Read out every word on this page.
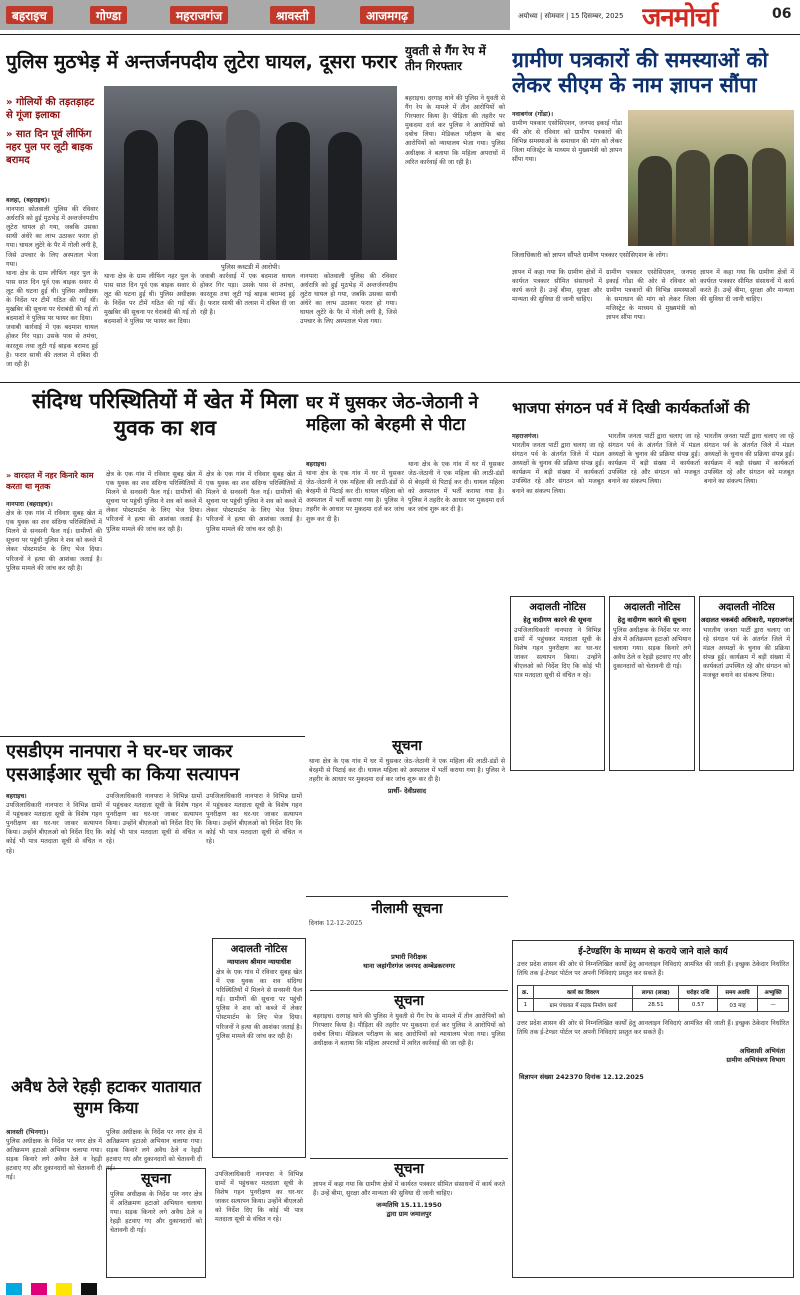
बहराइच	गोण्डा	महराजगंज	श्रावस्ती	आजमगढ़	अयोध्या | सोमवार | 15 दिसम्बर, 2025 जनमोर्चा	06
पुलिस मुठभेड़ में अन्तर्जनपदीय लुटेरा घायल, दूसरा फरार
» गोलियों की तड़तड़ाहट से गूंजा इलाका
» सात दिन पूर्व लीफिंग नहर पुल पर लूटी बाइक बरामद
पुलिस कस्टडी में आरोपी।

बलहा, (बहराइच)।

नानपारा कोतवाली पुलिस की रविवार अर्धरात्रि को हुई मुठभेड़ में अन्तर्जनपदीय लुटेरा घायल हो गया, जबकि उसका साथी अंधेरे का लाभ उठाकर फरार हो गया। घायल लुटेरे के पैर में गोली लगी है, जिसे उपचार के लिए अस्पताल भेजा गया।

थाना क्षेत्र के ग्राम लीफिंग नहर पुल के पास सात दिन पूर्व एक बाइक सवार से लूट की घटना हुई थी। पुलिस अधीक्षक के निर्देश पर टीमें गठित की गई थीं। मुखबिर की सूचना पर घेराबंदी की गई तो बदमाशों ने पुलिस पर फायर कर दिया।

जवाबी कार्रवाई में एक बदमाश घायल होकर गिर पड़ा। उसके पास से तमंचा, कारतूस तथा लूटी गई बाइक बरामद हुई है। फरार साथी की तलाश में दबिश दी जा रही है।

थाना क्षेत्र के ग्राम लीफिंग नहर पुल के पास सात दिन पूर्व एक बाइक सवार से लूट की घटना हुई थी। पुलिस अधीक्षक के निर्देश पर टीमें गठित की गई थीं। मुखबिर की सूचना पर घेराबंदी की गई तो बदमाशों ने पुलिस पर फायर कर दिया।

जवाबी कार्रवाई में एक बदमाश घायल होकर गिर पड़ा। उसके पास से तमंचा, कारतूस तथा लूटी गई बाइक बरामद हुई है। फरार साथी की तलाश में दबिश दी जा रही है।

नानपारा कोतवाली पुलिस की रविवार अर्धरात्रि को हुई मुठभेड़ में अन्तर्जनपदीय लुटेरा घायल हो गया, जबकि उसका साथी अंधेरे का लाभ उठाकर फरार हो गया। घायल लुटेरे के पैर में गोली लगी है, जिसे उपचार के लिए अस्पताल भेजा गया।

युवती से गैंग रेप में तीन गिरफ्तार

बहराइच। दरगाह थाने की पुलिस ने युवती से गैंग रेप के मामले में तीन आरोपियों को गिरफ्तार किया है। पीड़िता की तहरीर पर मुकदमा दर्ज कर पुलिस ने आरोपियों को दबोच लिया। मेडिकल परीक्षण के बाद आरोपियों को न्यायालय भेजा गया। पुलिस अधीक्षक ने बताया कि महिला अपराधों में त्वरित कार्रवाई की जा रही है।

ग्रामीण पत्रकारों की समस्याओं को लेकर सीएम के नाम ज्ञापन सौंपा

नवाबगंज (गोंडा)।

ग्रामीण पत्रकार एसोसिएशन, जनपद इकाई गोंडा की ओर से रविवार को ग्रामीण पत्रकारों की विभिन्न समस्याओं के समाधान की मांग को लेकर जिला मजिस्ट्रेट के माध्यम से मुख्यमंत्री को ज्ञापन सौंपा गया।

जिलाधिकारी को ज्ञापन सौंपते ग्रामीण पत्रकार एसोसिएशन के लोग।

ज्ञापन में कहा गया कि ग्रामीण क्षेत्रों में कार्यरत पत्रकार सीमित संसाधनों में कार्य करते हैं। उन्हें बीमा, सुरक्षा और मान्यता की सुविधा दी जानी चाहिए।

ग्रामीण पत्रकार एसोसिएशन, जनपद इकाई गोंडा की ओर से रविवार को ग्रामीण पत्रकारों की विभिन्न समस्याओं के समाधान की मांग को लेकर जिला मजिस्ट्रेट के माध्यम से मुख्यमंत्री को ज्ञापन सौंपा गया।

ज्ञापन में कहा गया कि ग्रामीण क्षेत्रों में कार्यरत पत्रकार सीमित संसाधनों में कार्य करते हैं। उन्हें बीमा, सुरक्षा और मान्यता की सुविधा दी जानी चाहिए।

संदिग्ध परिस्थितियों में खेत में मिला युवक का शव
» वारदात में नहर किनारे काम करता था मृतक

नानपारा (बहराइच)।

क्षेत्र के एक गांव में रविवार सुबह खेत में एक युवक का शव संदिग्ध परिस्थितियों में मिलने से सनसनी फैल गई। ग्रामीणों की सूचना पर पहुंची पुलिस ने शव को कब्जे में लेकर पोस्टमार्टम के लिए भेज दिया। परिजनों ने हत्या की आशंका जताई है। पुलिस मामले की जांच कर रही है।

क्षेत्र के एक गांव में रविवार सुबह खेत में एक युवक का शव संदिग्ध परिस्थितियों में मिलने से सनसनी फैल गई। ग्रामीणों की सूचना पर पहुंची पुलिस ने शव को कब्जे में लेकर पोस्टमार्टम के लिए भेज दिया। परिजनों ने हत्या की आशंका जताई है। पुलिस मामले की जांच कर रही है।

क्षेत्र के एक गांव में रविवार सुबह खेत में एक युवक का शव संदिग्ध परिस्थितियों में मिलने से सनसनी फैल गई। ग्रामीणों की सूचना पर पहुंची पुलिस ने शव को कब्जे में लेकर पोस्टमार्टम के लिए भेज दिया। परिजनों ने हत्या की आशंका जताई है। पुलिस मामले की जांच कर रही है।

घर में घुसकर जेठ-जेठानी ने महिला को बेरहमी से पीटा

बहराइच।

थाना क्षेत्र के एक गांव में घर में घुसकर जेठ-जेठानी ने एक महिला की लाठी-डंडों से बेरहमी से पिटाई कर दी। घायल महिला को अस्पताल में भर्ती कराया गया है। पुलिस ने तहरीर के आधार पर मुकदमा दर्ज कर जांच शुरू कर दी है।

थाना क्षेत्र के एक गांव में घर में घुसकर जेठ-जेठानी ने एक महिला की लाठी-डंडों से बेरहमी से पिटाई कर दी। घायल महिला को अस्पताल में भर्ती कराया गया है। पुलिस ने तहरीर के आधार पर मुकदमा दर्ज कर जांच शुरू कर दी है।

भाजपा संगठन पर्व में दिखी कार्यकर्ताओं की

महराजगंज।

भारतीय जनता पार्टी द्वारा चलाए जा रहे संगठन पर्व के अंतर्गत जिले में मंडल अध्यक्षों के चुनाव की प्रक्रिया संपन्न हुई। कार्यक्रम में बड़ी संख्या में कार्यकर्ता उपस्थित रहे और संगठन को मजबूत बनाने का संकल्प लिया।

भारतीय जनता पार्टी द्वारा चलाए जा रहे संगठन पर्व के अंतर्गत जिले में मंडल अध्यक्षों के चुनाव की प्रक्रिया संपन्न हुई। कार्यक्रम में बड़ी संख्या में कार्यकर्ता उपस्थित रहे और संगठन को मजबूत बनाने का संकल्प लिया।

भारतीय जनता पार्टी द्वारा चलाए जा रहे संगठन पर्व के अंतर्गत जिले में मंडल अध्यक्षों के चुनाव की प्रक्रिया संपन्न हुई। कार्यक्रम में बड़ी संख्या में कार्यकर्ता उपस्थित रहे और संगठन को मजबूत बनाने का संकल्प लिया।

अदालती नोटिस
हेतु वादीगण कारने की सूचना
उपजिलाधिकारी नानपारा ने विभिन्न ग्रामों में पहुंचकर मतदाता सूची के विशेष गहन पुनरीक्षण का घर-घर जाकर सत्यापन किया। उन्होंने बीएलओ को निर्देश दिए कि कोई भी पात्र मतदाता सूची से वंचित न रहे।
अदालती नोटिस
हेतु वादीगण कारने की सूचना
पुलिस अधीक्षक के निर्देश पर नगर क्षेत्र में अतिक्रमण हटाओ अभियान चलाया गया। सड़क किनारे लगे अवैध ठेले व रेहड़ी हटवाए गए और दुकानदारों को चेतावनी दी गई।
अदालती नोटिस
अदालत चकबंदी अधिकारी, महराजगंज
भारतीय जनता पार्टी द्वारा चलाए जा रहे संगठन पर्व के अंतर्गत जिले में मंडल अध्यक्षों के चुनाव की प्रक्रिया संपन्न हुई। कार्यक्रम में बड़ी संख्या में कार्यकर्ता उपस्थित रहे और संगठन को मजबूत बनाने का संकल्प लिया।
एसडीएम नानपारा ने घर-घर जाकर एसआईआर सूची का किया सत्यापन

बहराइच।

उपजिलाधिकारी नानपारा ने विभिन्न ग्रामों में पहुंचकर मतदाता सूची के विशेष गहन पुनरीक्षण का घर-घर जाकर सत्यापन किया। उन्होंने बीएलओ को निर्देश दिए कि कोई भी पात्र मतदाता सूची से वंचित न रहे।

उपजिलाधिकारी नानपारा ने विभिन्न ग्रामों में पहुंचकर मतदाता सूची के विशेष गहन पुनरीक्षण का घर-घर जाकर सत्यापन किया। उन्होंने बीएलओ को निर्देश दिए कि कोई भी पात्र मतदाता सूची से वंचित न रहे।

उपजिलाधिकारी नानपारा ने विभिन्न ग्रामों में पहुंचकर मतदाता सूची के विशेष गहन पुनरीक्षण का घर-घर जाकर सत्यापन किया। उन्होंने बीएलओ को निर्देश दिए कि कोई भी पात्र मतदाता सूची से वंचित न रहे।

अवैध ठेले रेहड़ी हटाकर यातायात सुगम किया

श्रावस्ती (भिनगा)।

पुलिस अधीक्षक के निर्देश पर नगर क्षेत्र में अतिक्रमण हटाओ अभियान चलाया गया। सड़क किनारे लगे अवैध ठेले व रेहड़ी हटवाए गए और दुकानदारों को चेतावनी दी गई।

पुलिस अधीक्षक के निर्देश पर नगर क्षेत्र में अतिक्रमण हटाओ अभियान चलाया गया। सड़क किनारे लगे अवैध ठेले व रेहड़ी हटवाए गए और दुकानदारों को चेतावनी दी गई।

सूचना
थाना क्षेत्र के एक गांव में घर में घुसकर जेठ-जेठानी ने एक महिला की लाठी-डंडों से बेरहमी से पिटाई कर दी। घायल महिला को अस्पताल में भर्ती कराया गया है। पुलिस ने तहरीर के आधार पर मुकदमा दर्ज कर जांच शुरू कर दी है।
प्रार्थी- देवीप्रसाद
नीलामी सूचना
दिनांक 12-12-2025
अदालती नोटिस
न्यायालय श्रीमान न्यायाधीश
क्षेत्र के एक गांव में रविवार सुबह खेत में एक युवक का शव संदिग्ध परिस्थितियों में मिलने से सनसनी फैल गई। ग्रामीणों की सूचना पर पहुंची पुलिस ने शव को कब्जे में लेकर पोस्टमार्टम के लिए भेज दिया। परिजनों ने हत्या की आशंका जताई है। पुलिस मामले की जांच कर रही है।
प्रभारी निरीक्षक
थाना जहांगीरगंज जनपद अम्बेडकरनगर
सूचना
बहराइच। दरगाह थाने की पुलिस ने युवती से गैंग रेप के मामले में तीन आरोपियों को गिरफ्तार किया है। पीड़िता की तहरीर पर मुकदमा दर्ज कर पुलिस ने आरोपियों को दबोच लिया। मेडिकल परीक्षण के बाद आरोपियों को न्यायालय भेजा गया। पुलिस अधीक्षक ने बताया कि महिला अपराधों में त्वरित कार्रवाई की जा रही है।
सूचना
पुलिस अधीक्षक के निर्देश पर नगर क्षेत्र में अतिक्रमण हटाओ अभियान चलाया गया। सड़क किनारे लगे अवैध ठेले व रेहड़ी हटवाए गए और दुकानदारों को चेतावनी दी गई।
उपजिलाधिकारी नानपारा ने विभिन्न ग्रामों में पहुंचकर मतदाता सूची के विशेष गहन पुनरीक्षण का घर-घर जाकर सत्यापन किया। उन्होंने बीएलओ को निर्देश दिए कि कोई भी पात्र मतदाता सूची से वंचित न रहे।
सूचना
ज्ञापन में कहा गया कि ग्रामीण क्षेत्रों में कार्यरत पत्रकार सीमित संसाधनों में कार्य करते हैं। उन्हें बीमा, सुरक्षा और मान्यता की सुविधा दी जानी चाहिए।
जन्मतिथि 15.11.1950
द्वारा ग्राम जमालपुर
ई-टेण्डरिंग के माध्यम से कराये जाने वाले कार्य
उत्तर प्रदेश शासन की ओर से निम्नलिखित कार्यों हेतु आनलाइन निविदाएं आमंत्रित की जाती हैं। इच्छुक ठेकेदार निर्धारित तिथि तक ई-टेण्डर पोर्टल पर अपनी निविदाएं प्रस्तुत कर सकते हैं।
क्र.	कार्य का विवरण	लागत (लाख)	धरोहर राशि	समय अवधि	अभ्युक्ति
1	ग्राम पंचायत में सड़क निर्माण कार्य	28.51	0.57	03 माह	—
उत्तर प्रदेश शासन की ओर से निम्नलिखित कार्यों हेतु आनलाइन निविदाएं आमंत्रित की जाती हैं। इच्छुक ठेकेदार निर्धारित तिथि तक ई-टेण्डर पोर्टल पर अपनी निविदाएं प्रस्तुत कर सकते हैं।
अधिशासी अभियंता
ग्रामीण अभियंत्रण विभाग
विज्ञापन संख्या 242370 दिनांक 12.12.2025
